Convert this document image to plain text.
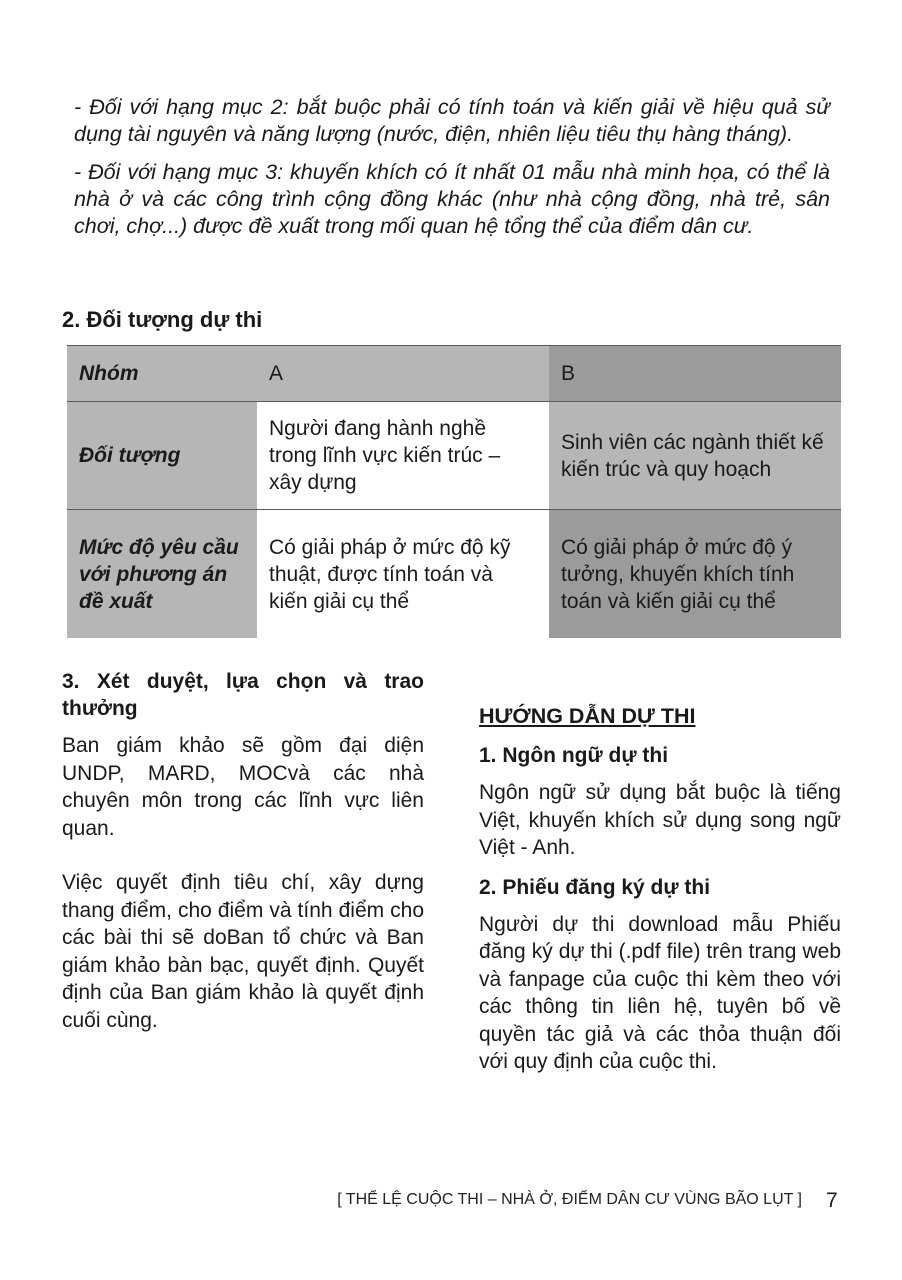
- Đối với hạng mục 2: bắt buộc phải có tính toán và kiến giải về hiệu quả sử dụng tài nguyên và năng lượng (nước, điện, nhiên liệu tiêu thụ hàng tháng).

- Đối với hạng mục 3: khuyến khích có ít nhất 01 mẫu nhà minh họa, có thể là nhà ở và các công trình cộng đồng khác (như nhà cộng đồng, nhà trẻ, sân chơi, chợ...) được đề xuất trong mối quan hệ tổng thể của điểm dân cư.

2. Đối tượng dự thi
Nhóm	A	B
Đối tượng	Người đang hành nghề trong lĩnh vực kiến trúc – xây dựng	Sinh viên các ngành thiết kế kiến trúc và quy hoạch
Mức độ yêu cầu với phương án đề xuất	Có giải pháp ở mức độ kỹ thuật, được tính toán và kiến giải cụ thể	Có giải pháp ở mức độ ý tưởng, khuyến khích tính toán và kiến giải cụ thể
3. Xét duyệt, lựa chọn và trao thưởng

Ban giám khảo sẽ gồm đại diện UNDP, MARD, MOCvà các nhà chuyên môn trong các lĩnh vực liên quan.

Việc quyết định tiêu chí, xây dựng thang điểm, cho điểm và tính điểm cho các bài thi sẽ doBan tổ chức và Ban giám khảo bàn bạc, quyết định. Quyết định của Ban giám khảo là quyết định cuối cùng.

HƯỚNG DẪN DỰ THI
1. Ngôn ngữ dự thi

Ngôn ngữ sử dụng bắt buộc là tiếng Việt, khuyến khích sử dụng song ngữ Việt - Anh.

2. Phiếu đăng ký dự thi

Người dự thi download mẫu Phiếu đăng ký dự thi (.pdf file) trên trang web và fanpage của cuộc thi kèm theo với các thông tin liên hệ, tuyên bố về quyền tác giả và các thỏa thuận đối với quy định của cuộc thi.

[ THỂ LỆ CUỘC THI – NHÀ Ở, ĐIỂM DÂN CƯ VÙNG BÃO LỤT ] 7
